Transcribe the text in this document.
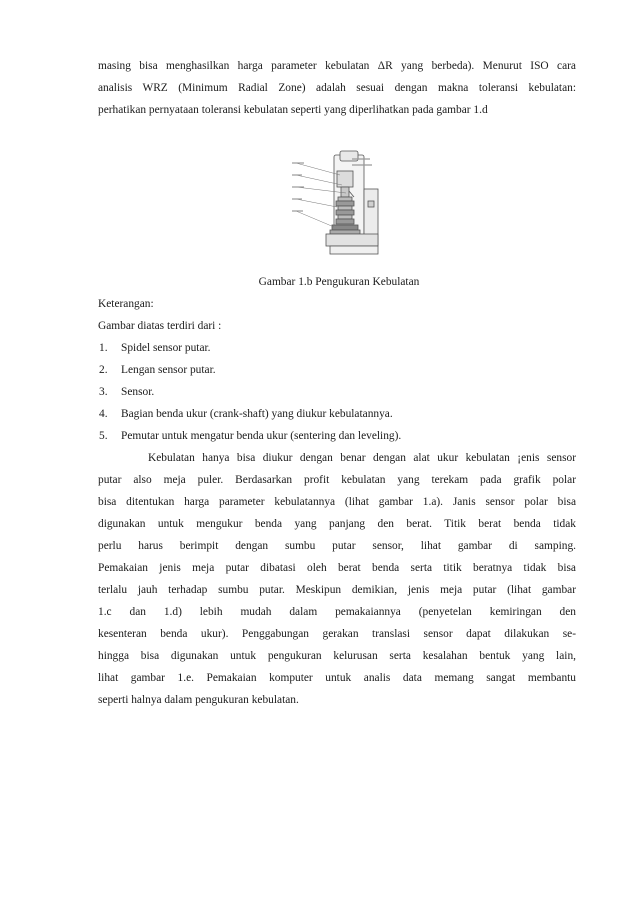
masing bisa menghasilkan harga parameter kebulatan ΔR yang berbeda). Menurut ISO cara
analisis WRZ (Minimum Radial Zone) adalah sesuai dengan makna toleransi kebulatan:
perhatikan pernyataan toleransi kebulatan seperti yang diperlihatkan pada gambar 1.d
Gambar 1.b Pengukuran Kebulatan
Keterangan:
Gambar diatas terdiri dari :
1. Spidel sensor putar.
2. Lengan sensor putar.
3. Sensor.
4. Bagian benda ukur (crank-shaft) yang diukur kebulatannya.
5. Pemutar untuk mengatur benda ukur (sentering dan leveling).
Kebulatan hanya bisa diukur dengan benar dengan alat ukur kebulatan ¡enis sensor
putar also meja puler. Berdasarkan profit kebulatan yang terekam pada grafik polar
bisa ditentukan harga parameter kebulatannya (lihat gambar 1.a). Janis sensor polar bisa
digunakan untuk mengukur benda yang panjang den berat. Titik berat benda tidak
perlu harus berimpit dengan sumbu putar sensor, lihat gambar di samping.
Pemakaian jenis meja putar dibatasi oleh berat benda serta titik beratnya tidak bisa
terlalu jauh terhadap sumbu putar. Meskipun demikian, jenis meja putar (lihat gambar
1.c dan 1.d) lebih mudah dalam pemakaiannya (penyetelan kemiringan den
kesenteran benda ukur). Penggabungan gerakan translasi sensor dapat dilakukan se-
hingga bisa digunakan untuk pengukuran kelurusan serta kesalahan bentuk yang lain,
lihat gambar 1.e. Pemakaian komputer untuk analis data memang sangat membantu
seperti halnya dalam pengukuran kebulatan.
